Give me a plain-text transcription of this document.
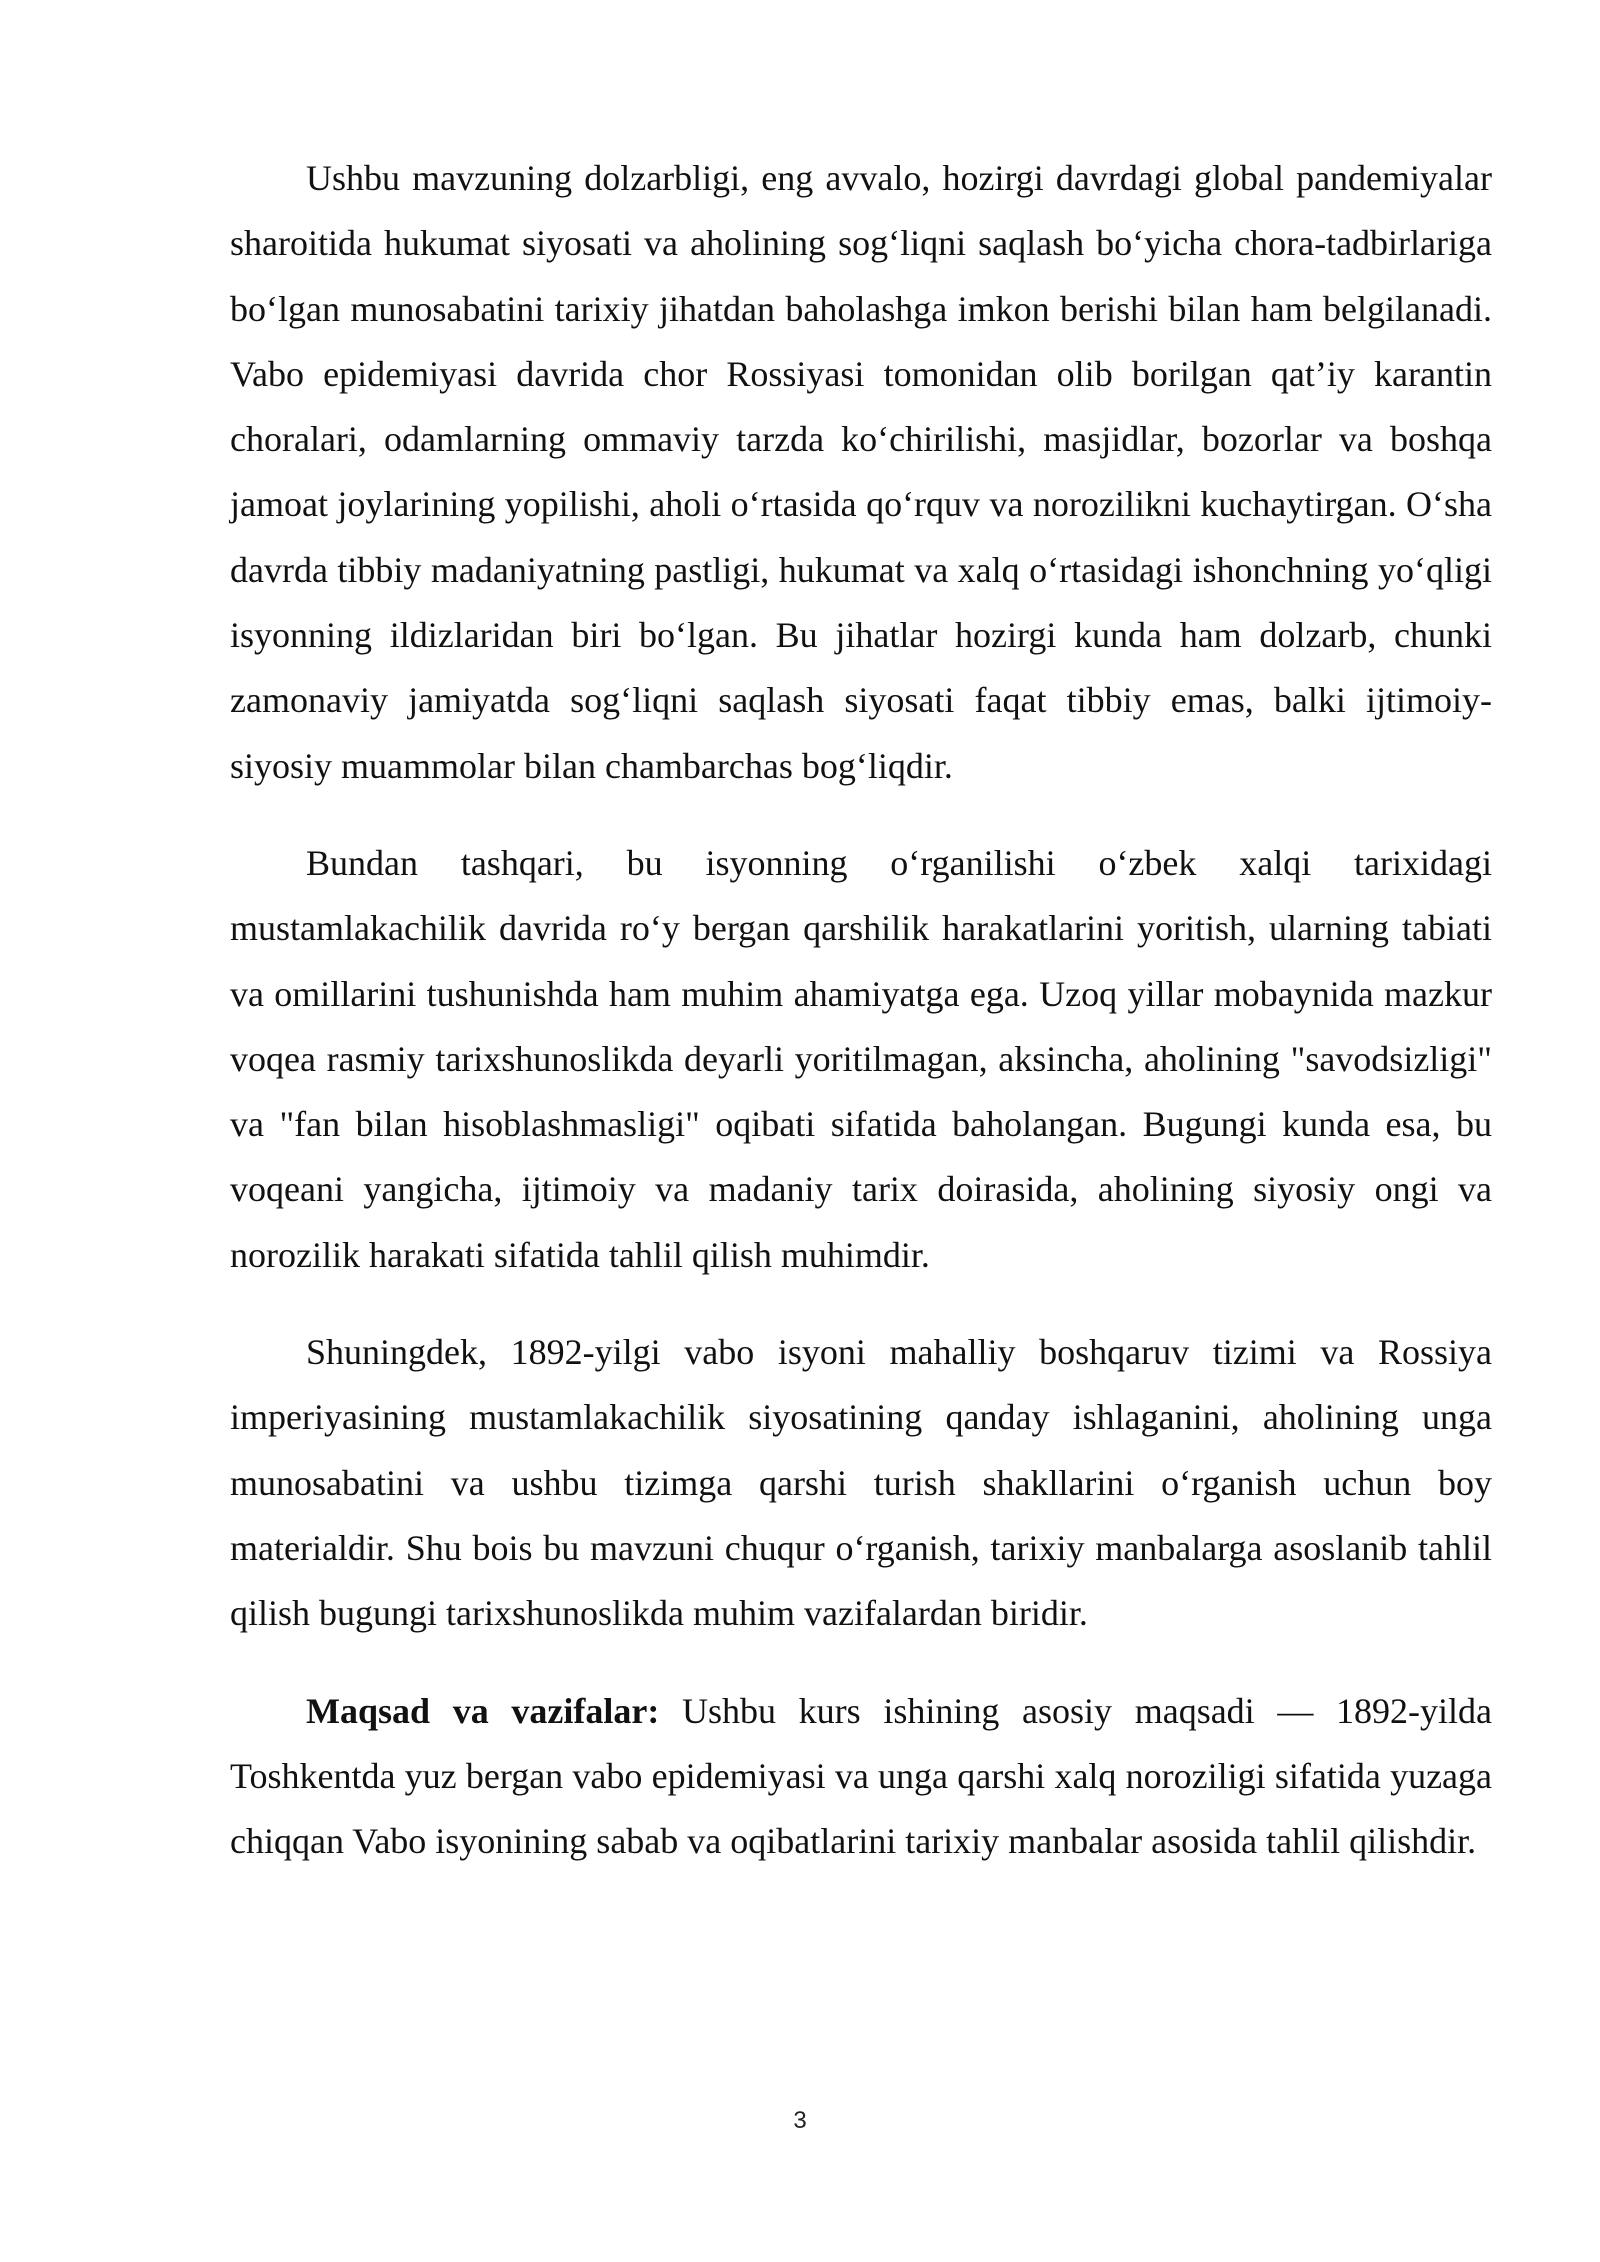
Ushbu mavzuning dolzarbligi, eng avvalo, hozirgi davrdagi global pandemiyalar sharoitida hukumat siyosati va aholining sog‘liqni saqlash bo‘yicha chora-tadbirlariga bo‘lgan munosabatini tarixiy jihatdan baholashga imkon berishi bilan ham belgilanadi. Vabo epidemiyasi davrida chor Rossiyasi tomonidan olib borilgan qat’iy karantin choralari, odamlarning ommaviy tarzda ko‘chirilishi, masjidlar, bozorlar va boshqa jamoat joylarining yopilishi, aholi o‘rtasida qo‘rquv va norozilikni kuchaytirgan. O‘sha davrda tibbiy madaniyatning pastligi, hukumat va xalq o‘rtasidagi ishonchning yo‘qligi isyonning ildizlaridan biri bo‘lgan. Bu jihatlar hozirgi kunda ham dolzarb, chunki zamonaviy jamiyatda sog‘liqni saqlash siyosati faqat tibbiy emas, balki ijtimoiy-siyosiy muammolar bilan chambarchas bog‘liqdir.

Bundan tashqari, bu isyonning o‘rganilishi o‘zbek xalqi tarixidagi mustamlakachilik davrida ro‘y bergan qarshilik harakatlarini yoritish, ularning tabiati va omillarini tushunishda ham muhim ahamiyatga ega. Uzoq yillar mobaynida mazkur voqea rasmiy tarixshunoslikda deyarli yoritilmagan, aksincha, aholining "savodsizligi" va "fan bilan hisoblashmasligi" oqibati sifatida baholangan. Bugungi kunda esa, bu voqeani yangicha, ijtimoiy va madaniy tarix doirasida, aholining siyosiy ongi va norozilik harakati sifatida tahlil qilish muhimdir.

Shuningdek, 1892-yilgi vabo isyoni mahalliy boshqaruv tizimi va Rossiya imperiyasining mustamlakachilik siyosatining qanday ishlaganini, aholining unga munosabatini va ushbu tizimga qarshi turish shakllarini o‘rganish uchun boy materialdir. Shu bois bu mavzuni chuqur o‘rganish, tarixiy manbalarga asoslanib tahlil qilish bugungi tarixshunoslikda muhim vazifalardan biridir.

Maqsad va vazifalar: Ushbu kurs ishining asosiy maqsadi — 1892-yilda Toshkentda yuz bergan vabo epidemiyasi va unga qarshi xalq noroziligi sifatida yuzaga chiqqan Vabo isyonining sabab va oqibatlarini tarixiy manbalar asosida tahlil qilishdir.

3
